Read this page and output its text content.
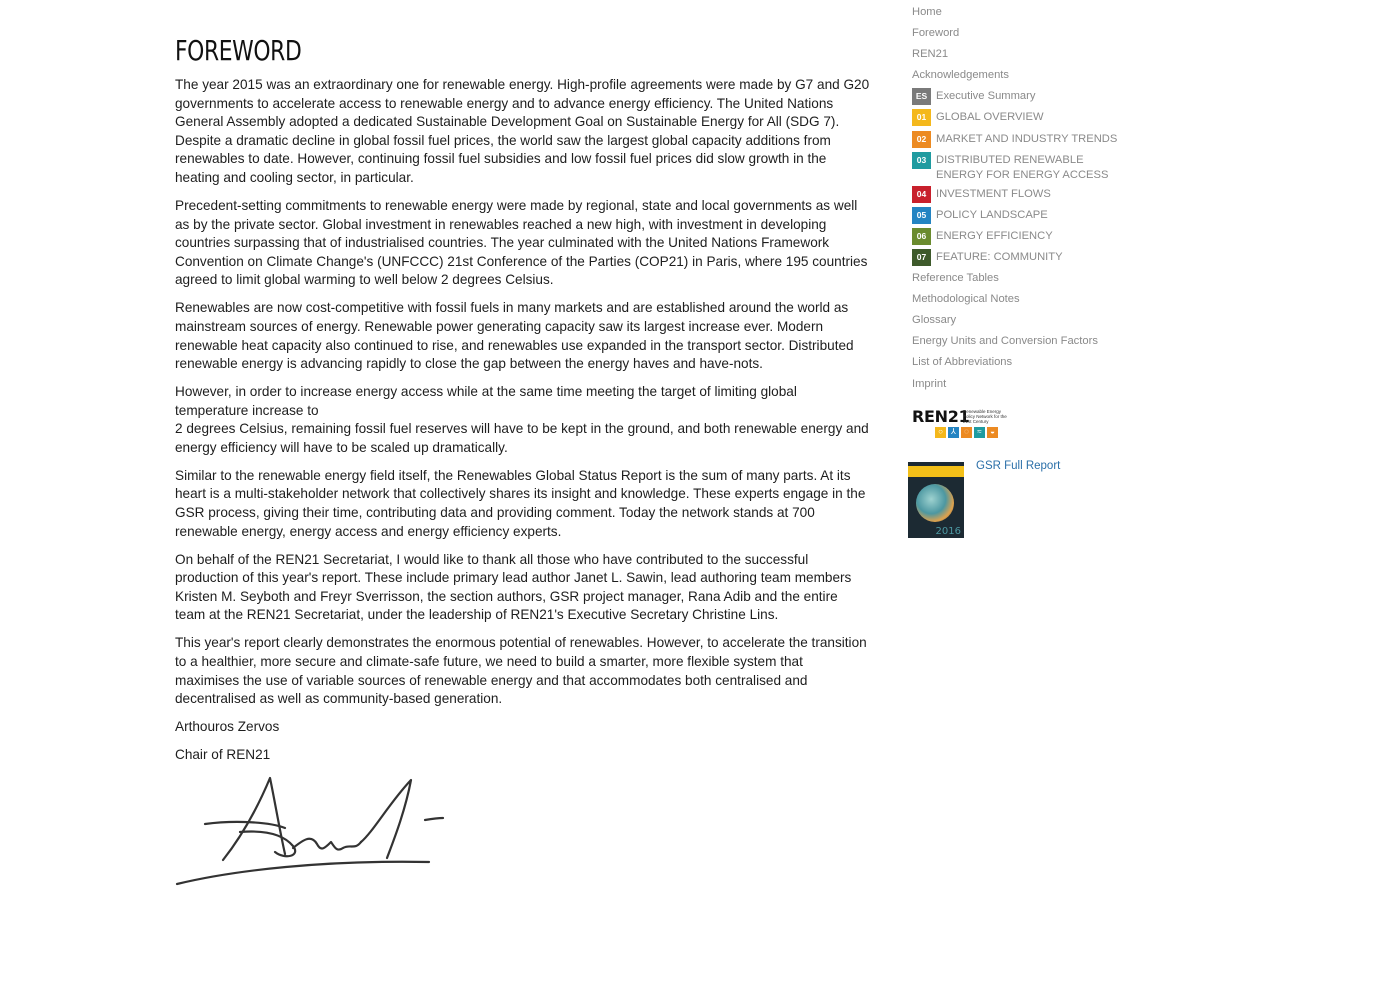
FOREWORD

The year 2015 was an extraordinary one for renewable energy. High-profile agreements were made by G7 and G20 governments to accelerate access to renewable energy and to advance energy efficiency. The United Nations General Assembly adopted a dedicated Sustainable Development Goal on Sustainable Energy for All (SDG 7). Despite a dramatic decline in global fossil fuel prices, the world saw the largest global capacity additions from renewables to date. However, continuing fossil fuel subsidies and low fossil fuel prices did slow growth in the heating and cooling sector, in particular.

Precedent-setting commitments to renewable energy were made by regional, state and local governments as well as by the private sector. Global investment in renewables reached a new high, with investment in developing countries surpassing that of industrialised countries. The year culminated with the United Nations Framework Convention on Climate Change's (UNFCCC) 21st Conference of the Parties (COP21) in Paris, where 195 countries agreed to limit global warming to well below 2 degrees Celsius.

Renewables are now cost-competitive with fossil fuels in many markets and are established around the world as mainstream sources of energy. Renewable power generating capacity saw its largest increase ever. Modern renewable heat capacity also continued to rise, and renewables use expanded in the transport sector. Distributed renewable energy is advancing rapidly to close the gap between the energy haves and have-nots.

However, in order to increase energy access while at the same time meeting the target of limiting global temperature increase to
2 degrees Celsius, remaining fossil fuel reserves will have to be kept in the ground, and both renewable energy and energy efficiency will have to be scaled up dramatically.

Similar to the renewable energy field itself, the Renewables Global Status Report is the sum of many parts. At its heart is a multi-stakeholder network that collectively shares its insight and knowledge. These experts engage in the GSR process, giving their time, contributing data and providing comment. Today the network stands at 700 renewable energy, energy access and energy efficiency experts.

On behalf of the REN21 Secretariat, I would like to thank all those who have contributed to the successful production of this year's report. These include primary lead author Janet L. Sawin, lead authoring team members Kristen M. Seyboth and Freyr Sverrisson, the section authors, GSR project manager, Rana Adib and the entire team at the REN21 Secretariat, under the leadership of REN21's Executive Secretary Christine Lins.

This year's report clearly demonstrates the enormous potential of renewables. However, to accelerate the transition to a healthier, more secure and climate-safe future, we need to build a smarter, more flexible system that maximises the use of variable sources of renewable energy and that accommodates both centralised and decentralised as well as community-based generation.

Arthouros Zervos

Chair of REN21

Home
Foreword
REN21
Acknowledgements
ES Executive Summary
01 GLOBAL OVERVIEW
02 MARKET AND INDUSTRY TRENDS
03 DISTRIBUTED RENEWABLE ENERGY FOR ENERGY ACCESS
04 INVESTMENT FLOWS
05 POLICY LANDSCAPE
06 ENERGY EFFICIENCY
07 FEATURE: COMMUNITY
Reference Tables
Methodological Notes
Glossary
Energy Units and Conversion Factors
List of Abbreviations
Imprint
REN21
Renewable Energy Policy Network for the 21st Century
○	⅄	◌	≈	◒
2016
GSR Full Report
